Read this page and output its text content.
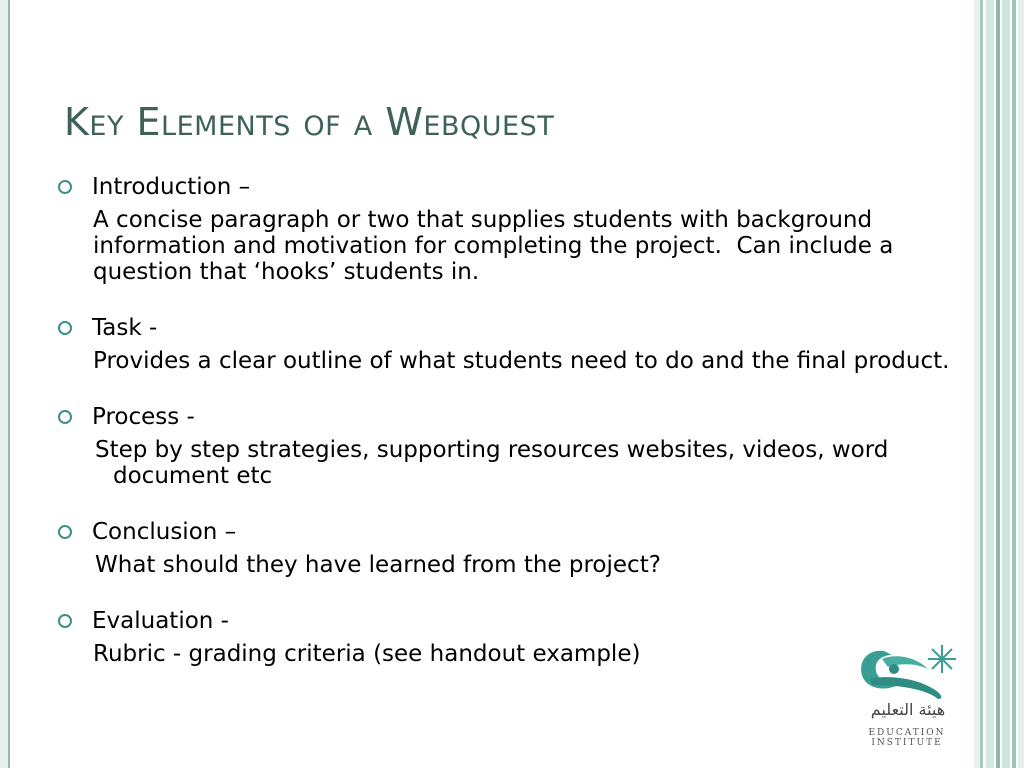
Key Elements of a Webquest
Introduction –
A concise paragraph or two that supplies students with background information and motivation for completing the project.  Can include a question that ‘hooks’ students in.
Task -
Provides a clear outline of what students need to do and the final product.
Process -
Step by step strategies, supporting resources websites, videos, word document etc
Conclusion –
What should they have learned from the project?
Evaluation -
Rubric - grading criteria (see handout example)
هيئة التعليم
EDUCATION INSTITUTE
